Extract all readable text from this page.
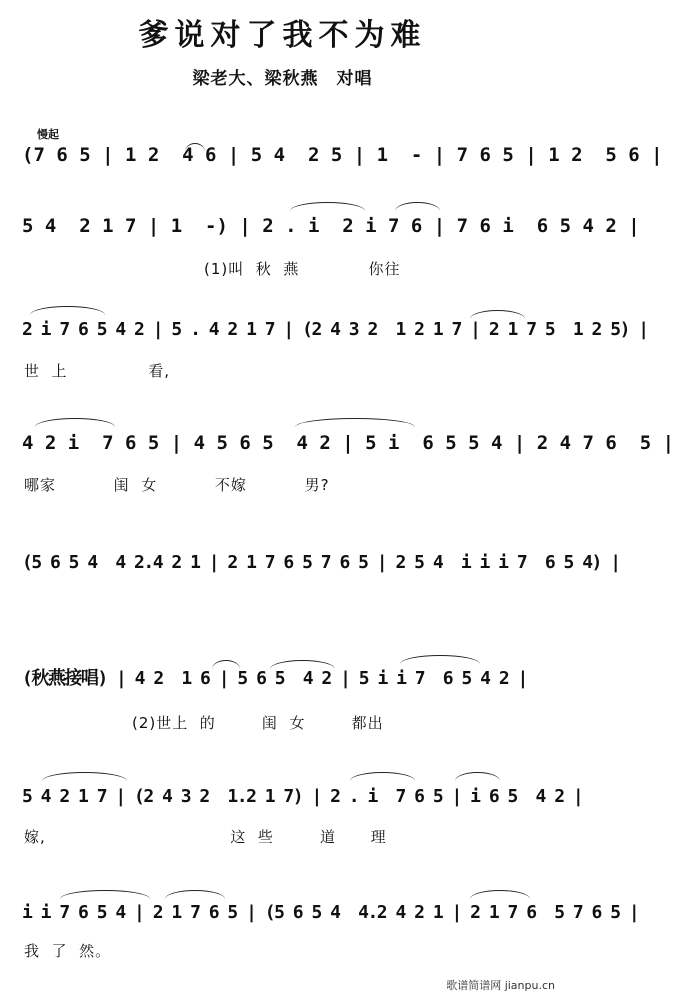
爹说对了我不为难
梁老大、梁秋燕 对唱
慢起
(7 6 5 | 1 2  4 6 | 5 4  2 5 | 1  - | 7 6 5 | 1 2  5 6 |
5 4  2 1 7 | 1  -) | 2 . i  2 i 7 6 | 7 6 i  6 5 4 2 |
(1)叫  秋  燕            你往
2 i 7 6 5 4 2 | 5 . 4 2 1 7 | (2 4 3 2  1 2 1 7 | 2 1 7 5  1 2 5) |
世  上              看,
4 2 i  7 6 5 | 4 5 6 5  4 2 | 5 i  6 5 5 4 | 2 4 7 6  5 |
哪家          闺  女          不嫁          男?
(5 6 5 4  4 2.4 2 1 | 2 1 7 6 5 7 6 5 | 2 5 4  i i i 7  6 5 4) |
(秋燕接唱) | 4 2  1 6 | 5 6 5  4 2 | 5 i i 7  6 5 4 2 |
(2)世上  的        闺  女        都出
5 4 2 1 7 | (2 4 3 2  1.2 1 7) | 2 . i  7 6 5 | i 6 5  4 2 |
嫁,                                这  些        道      理
i i 7 6 5 4 | 2 1 7 6 5 | (5 6 5 4  4.2 4 2 1 | 2 1 7 6  5 7 6 5 |
我  了  然。
歌谱简谱网 jianpu.cn
